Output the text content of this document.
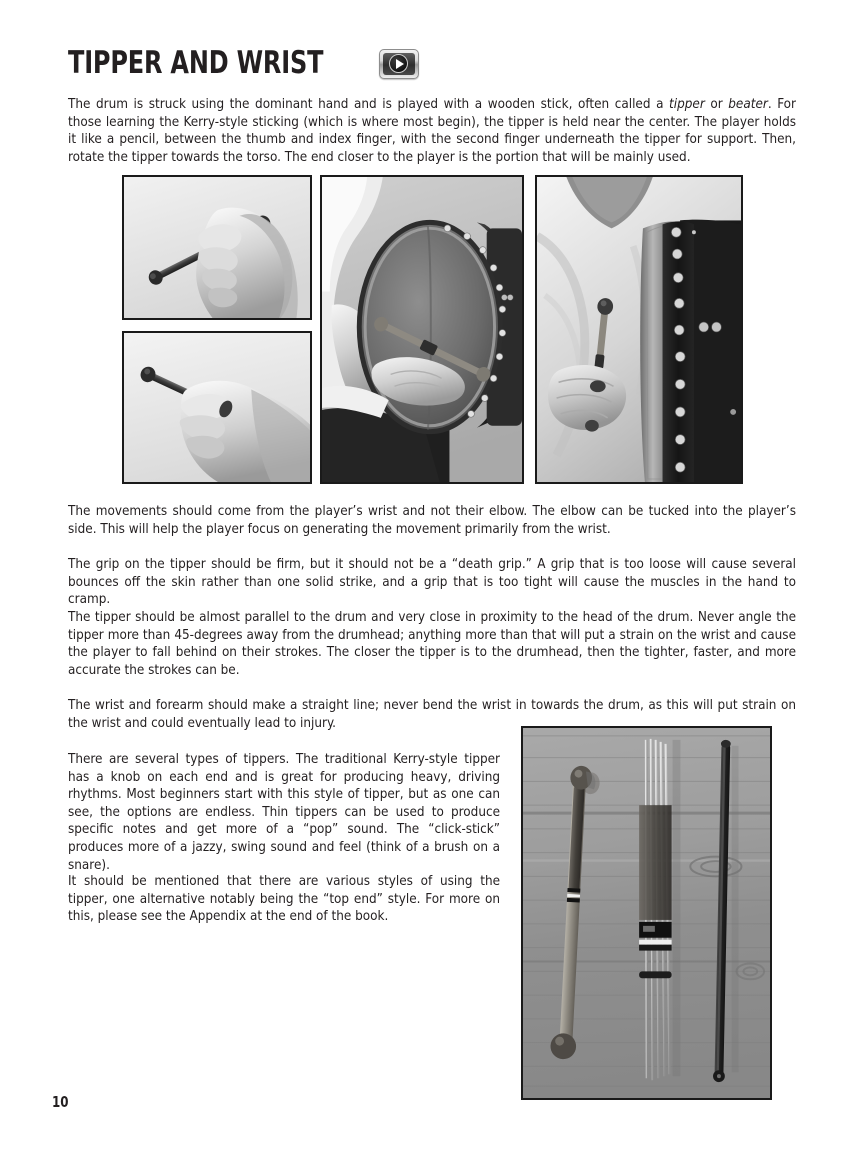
TIPPER AND WRIST
The drum is struck using the dominant hand and is played with a wooden stick, often called a tipper or beater. For those learning the Kerry-style sticking (which is where most begin), the tipper is held near the center. The player holds it like a pencil, between the thumb and index finger, with the second finger underneath the tipper for support. Then, rotate the tipper towards the torso. The end closer to the player is the portion that will be mainly used.
The movements should come from the player’s wrist and not their elbow. The elbow can be tucked into the player’s side. This will help the player focus on generating the movement primarily from the wrist.
The grip on the tipper should be firm, but it should not be a “death grip.” A grip that is too loose will cause several bounces off the skin rather than one solid strike, and a grip that is too tight will cause the muscles in the hand to cramp.
The tipper should be almost parallel to the drum and very close in proximity to the head of the drum. Never angle the tipper more than 45-degrees away from the drumhead; anything more than that will put a strain on the wrist and cause the player to fall behind on their strokes. The closer the tipper is to the drumhead, then the tighter, faster, and more accurate the strokes can be.
The wrist and forearm should make a straight line; never bend the wrist in towards the drum, as this will put strain on the wrist and could eventually lead to injury.
There are several types of tippers. The traditional Kerry-style tipper has a knob on each end and is great for producing heavy, driving rhythms. Most beginners start with this style of tipper, but as one can see, the options are endless. Thin tippers can be used to produce specific notes and get more of a “pop” sound. The “click-stick” produces more of a jazzy, swing sound and feel (think of a brush on a snare).
It should be mentioned that there are various styles of using the tipper, one alternative notably being the “top end” style. For more on this, please see the Appendix at the end of the book.
10
